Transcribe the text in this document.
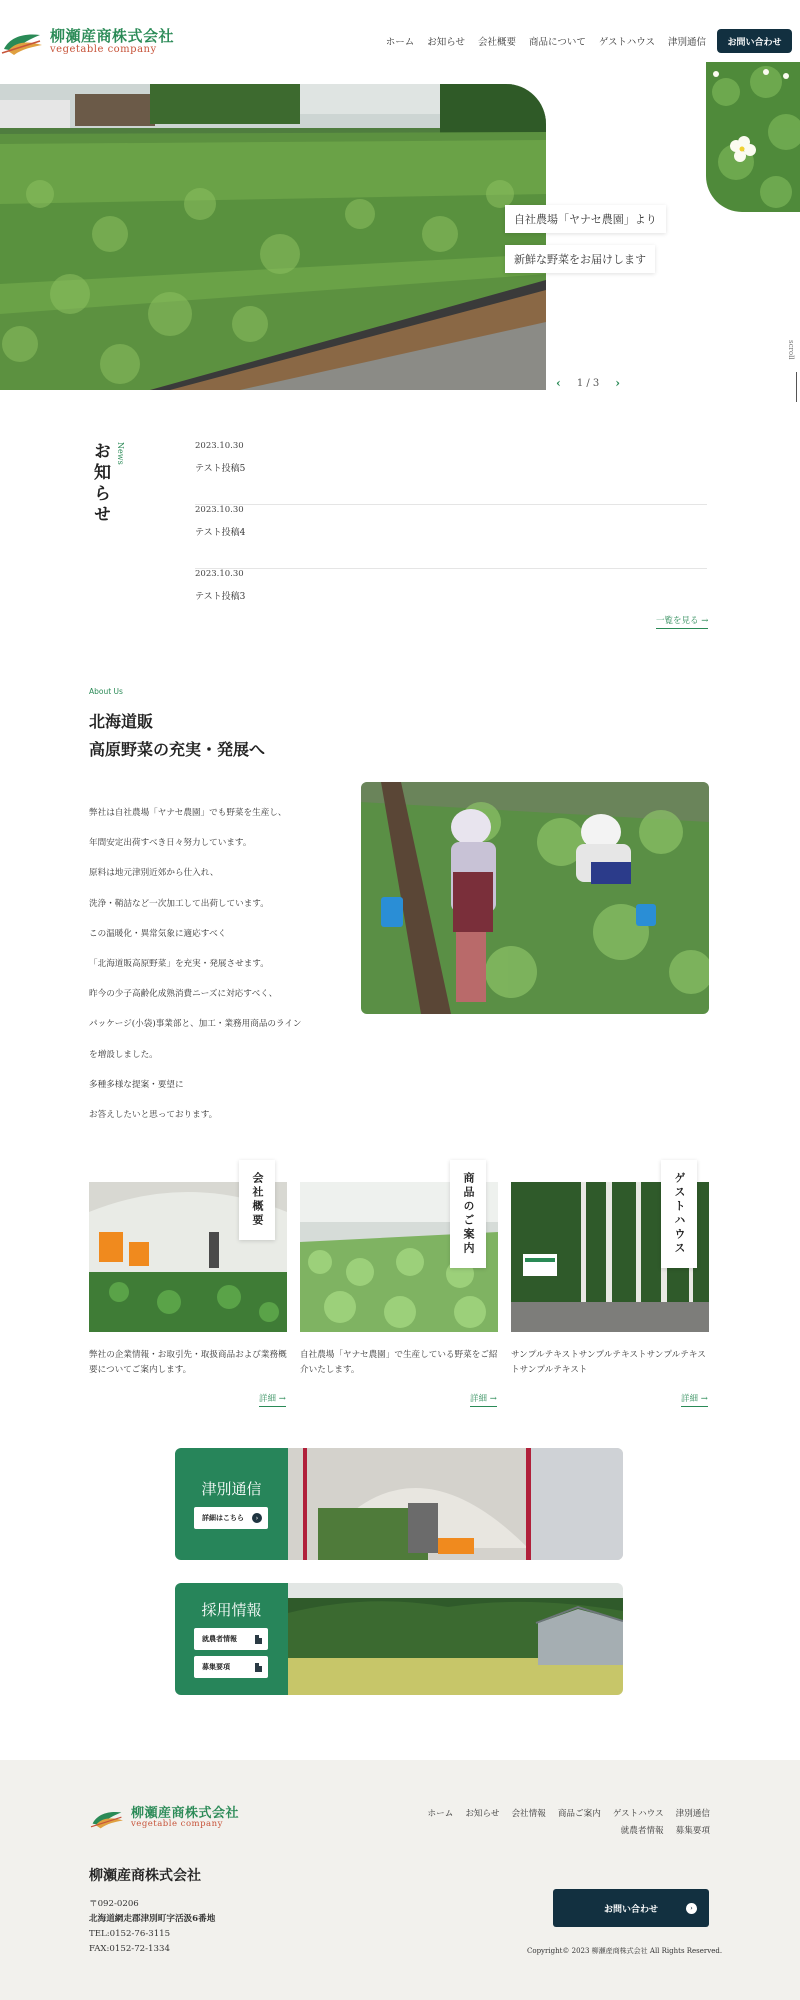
柳瀬産商株式会社
vegetable company
ホーム お知らせ 会社概要 商品について ゲストハウス 津別通信	お問い合わせ
自社農場「ヤナセ農園」より
新鮮な野菜をお届けします
‹ 1 / 3 ›
scroll
お知らせ News	2023.10.30
テスト投稿5
2023.10.30
テスト投稿4
2023.10.30
テスト投稿3
一覧を見る →
About Us
北海道販
高原野菜の充実・発展へ
弊社は自社農場「ヤナセ農園」でも野菜を生産し、
年間安定出荷すべき日々努力しています。
原料は地元津別近郊から仕入れ、
洗浄・鞘詰など一次加工して出荷しています。
この温暖化・異常気象に適応すべく
「北海道販高原野菜」を充実・発展させます。
昨今の少子高齢化成熟消費ニーズに対応すべく、
パッケージ(小袋)事業部と、加工・業務用商品のライン
を増設しました。
多種多様な提案・要望に
お答えしたいと思っております。
会社概要
弊社の企業情報・お取引先・取扱商品および業務概要についてご案内します。
詳細 →
商品のご案内
自社農場「ヤナセ農園」で生産している野菜をご紹介いたします。
詳細 →
ゲストハウス
サンプルテキストサンプルテキストサンプルテキストサンプルテキスト
詳細 →
津別通信
詳細はこちら	›
採用情報
就農者情報
募集要項
柳瀬産商株式会社
vegetable company
ホーム お知らせ 会社情報 商品ご案内 ゲストハウス 津別通信
就農者情報 募集要項
柳瀬産商株式会社
〒092-0206
北海道網走郡津別町字活汲6番地
TEL:0152-76-3115
FAX:0152-72-1334
お問い合わせ	›
Copyright© 2023 柳瀬産商株式会社 All Rights Reserved.
